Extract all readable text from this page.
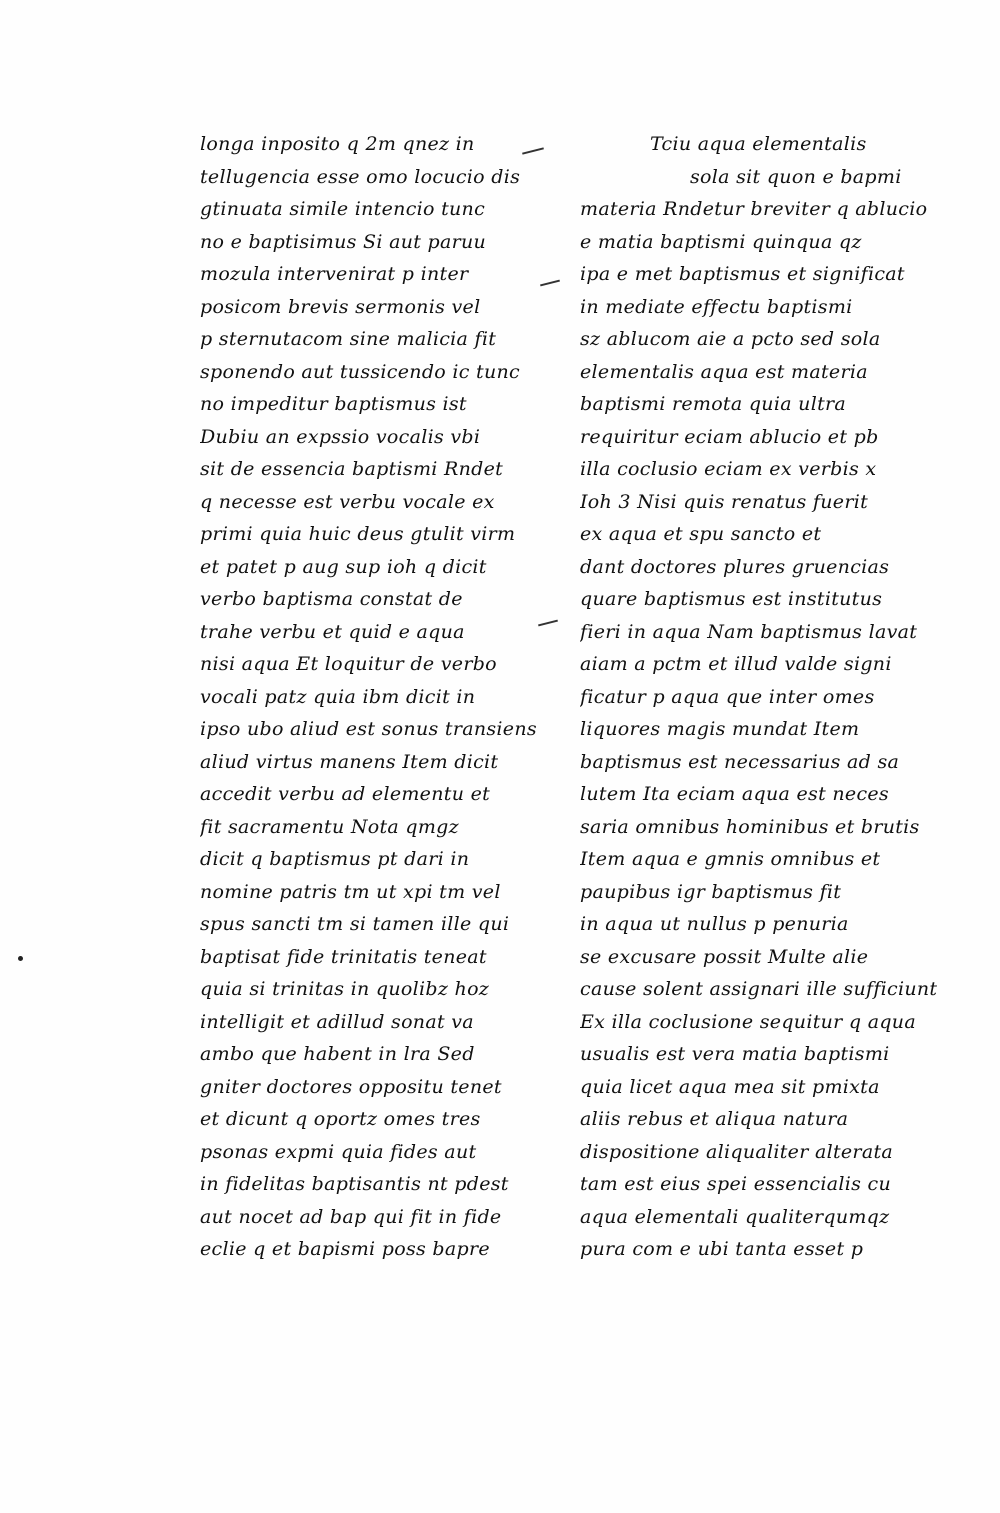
longa inposito q 2m qnez in
tellugencia esse omo locucio dis
gtinuata simile intencio tunc
no e baptisimus Si aut paruu
mozula intervenirat p inter
posicom brevis sermonis vel
p sternutacom sine malicia fit
sponendo aut tussicendo ic tunc
no impeditur baptismus ist
Dubiu an expssio vocalis vbi
sit de essencia baptismi Rndet
q necesse est verbu vocale ex
primi quia huic deus gtulit virm
et patet p aug sup ioh q dicit
verbo baptisma constat de
trahe verbu et quid e aqua
nisi aqua Et loquitur de verbo
vocali patz quia ibm dicit in
ipso ubo aliud est sonus transiens
aliud virtus manens Item dicit
accedit verbu ad elementu et
fit sacramentu Nota qmgz
dicit q baptismus pt dari in
nomine patris tm ut xpi tm vel
spus sancti tm si tamen ille qui
baptisat fide trinitatis teneat
quia si trinitas in quolibz hoz
intelligit et adillud sonat va
ambo que habent in lra Sed
gniter doctores oppositu tenet
et dicunt q oportz omes tres
psonas expmi quia fides aut
in fidelitas baptisantis nt pdest
aut nocet ad bap qui fit in fide
eclie q et bapismi poss bapre
Tciu aqua elementalis
sola sit quon e bapmi
materia Rndetur breviter q ablucio
e matia baptismi quinqua qz
ipa e met baptismus et significat
in mediate effectu baptismi
sz ablucom aie a pcto sed sola
elementalis aqua est materia
baptismi remota quia ultra
requiritur eciam ablucio et pb
illa coclusio eciam ex verbis x
Ioh 3 Nisi quis renatus fuerit
ex aqua et spu sancto et
dant doctores plures gruencias
quare baptismus est institutus
fieri in aqua Nam baptismus lavat
aiam a pctm et illud valde signi
ficatur p aqua que inter omes
liquores magis mundat Item
baptismus est necessarius ad sa
lutem Ita eciam aqua est neces
saria omnibus hominibus et brutis
Item aqua e gmnis omnibus et
paupibus igr baptismus fit
in aqua ut nullus p penuria
se excusare possit Multe alie
cause solent assignari ille sufficiunt
Ex illa coclusione sequitur q aqua
usualis est vera matia baptismi
quia licet aqua mea sit pmixta
aliis rebus et aliqua natura
dispositione aliqualiter alterata
tam est eius spei essencialis cu
aqua elementali qualiterqumqz
pura com e ubi tanta esset p
